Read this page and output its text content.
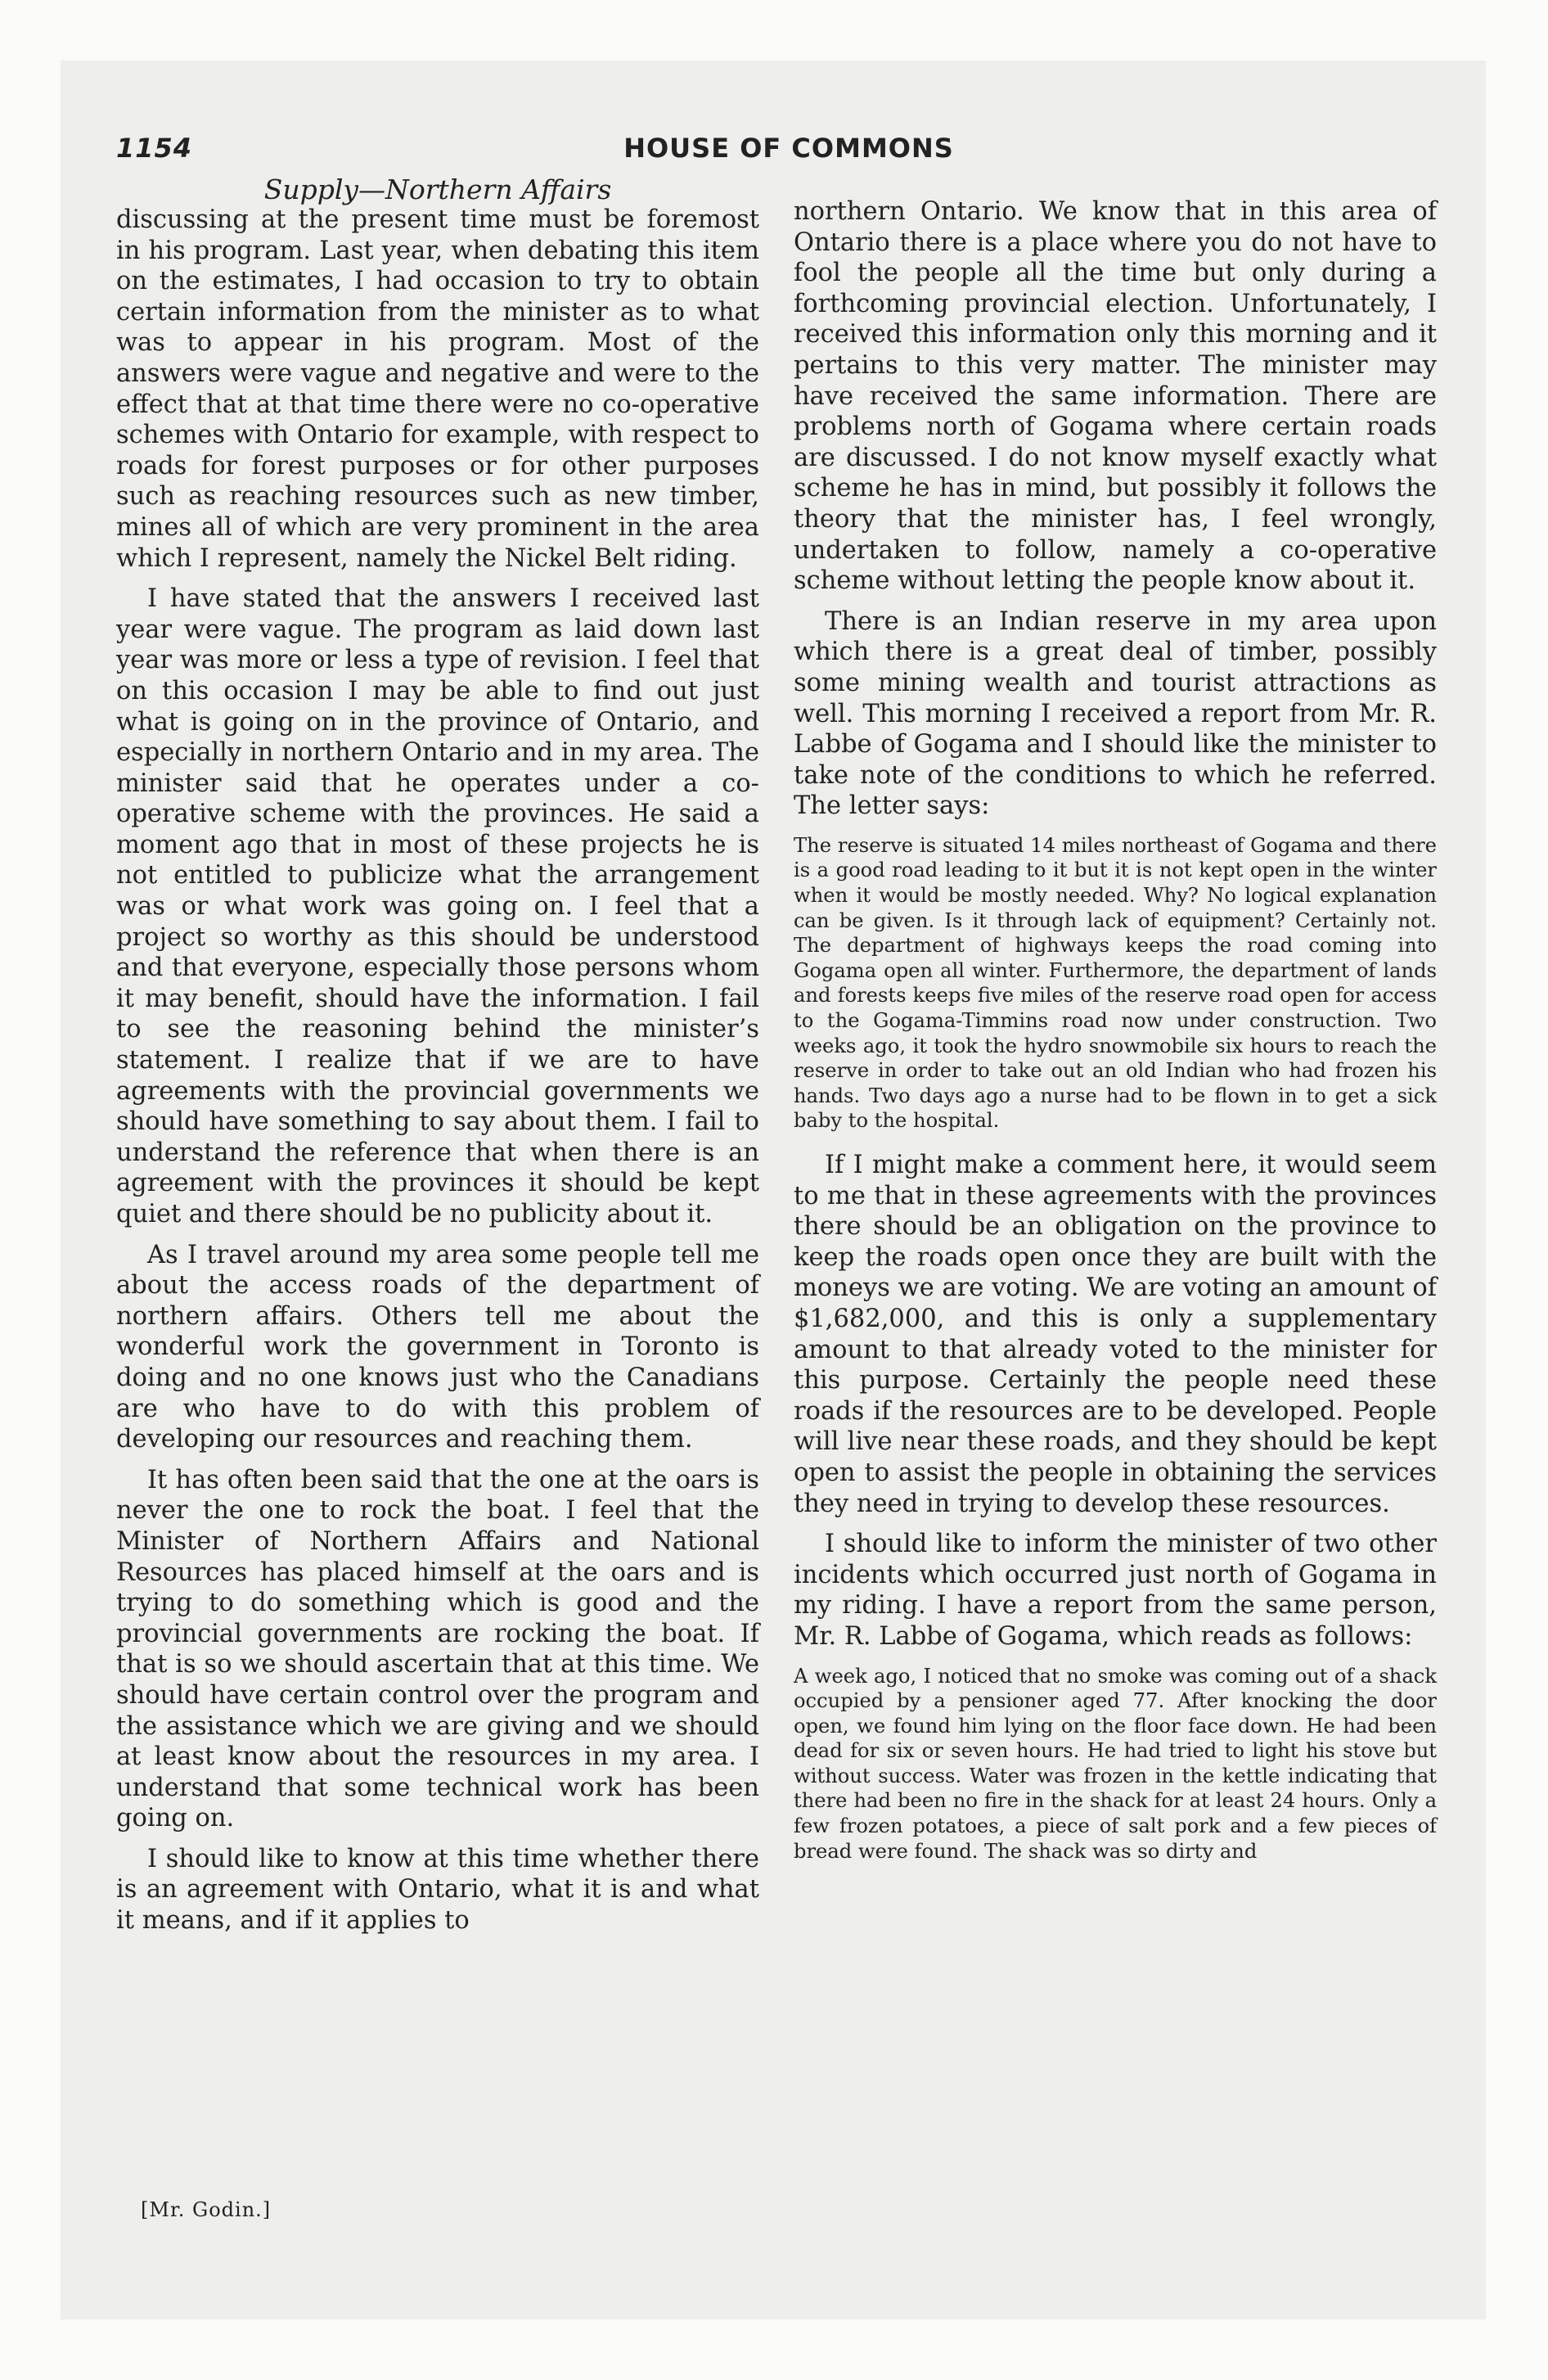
1154	HOUSE OF COMMONS
Supply—Northern Affairs

discussing at the present time must be foremost in his program. Last year, when debating this item on the estimates, I had occasion to try to obtain certain information from the minister as to what was to appear in his program. Most of the answers were vague and negative and were to the effect that at that time there were no co-operative schemes with Ontario for example, with respect to roads for forest purposes or for other purposes such as reaching resources such as new timber, mines all of which are very prominent in the area which I represent, namely the Nickel Belt riding.

I have stated that the answers I received last year were vague. The program as laid down last year was more or less a type of revision. I feel that on this occasion I may be able to find out just what is going on in the province of Ontario, and especially in northern Ontario and in my area. The minister said that he operates under a co-operative scheme with the provinces. He said a moment ago that in most of these projects he is not entitled to publicize what the arrangement was or what work was going on. I feel that a project so worthy as this should be understood and that everyone, especially those persons whom it may benefit, should have the information. I fail to see the reasoning behind the minister’s statement. I realize that if we are to have agreements with the provincial governments we should have something to say about them. I fail to understand the reference that when there is an agreement with the provinces it should be kept quiet and there should be no publicity about it.

As I travel around my area some people tell me about the access roads of the department of northern affairs. Others tell me about the wonderful work the government in Toronto is doing and no one knows just who the Canadians are who have to do with this problem of developing our resources and reaching them.

It has often been said that the one at the oars is never the one to rock the boat. I feel that the Minister of Northern Affairs and National Resources has placed himself at the oars and is trying to do something which is good and the provincial governments are rocking the boat. If that is so we should ascertain that at this time. We should have certain control over the program and the assistance which we are giving and we should at least know about the resources in my area. I understand that some technical work has been going on.

I should like to know at this time whether there is an agreement with Ontario, what it is and what it means, and if it applies to

northern Ontario. We know that in this area of Ontario there is a place where you do not have to fool the people all the time but only during a forthcoming provincial election. Unfortunately, I received this information only this morning and it pertains to this very matter. The minister may have received the same information. There are problems north of Gogama where certain roads are discussed. I do not know myself exactly what scheme he has in mind, but possibly it follows the theory that the minister has, I feel wrongly, undertaken to follow, namely a co-operative scheme without letting the people know about it.

There is an Indian reserve in my area upon which there is a great deal of timber, possibly some mining wealth and tourist attractions as well. This morning I received a report from Mr. R. Labbe of Gogama and I should like the minister to take note of the conditions to which he referred. The letter says:

The reserve is situated 14 miles northeast of Gogama and there is a good road leading to it but it is not kept open in the winter when it would be mostly needed. Why? No logical explanation can be given. Is it through lack of equipment? Certainly not. The department of highways keeps the road coming into Gogama open all winter. Furthermore, the department of lands and forests keeps five miles of the reserve road open for access to the Gogama-Timmins road now under construction. Two weeks ago, it took the hydro snowmobile six hours to reach the reserve in order to take out an old Indian who had frozen his hands. Two days ago a nurse had to be flown in to get a sick baby to the hospital.

If I might make a comment here, it would seem to me that in these agreements with the provinces there should be an obligation on the province to keep the roads open once they are built with the moneys we are voting. We are voting an amount of $1,682,000, and this is only a supplementary amount to that already voted to the minister for this purpose. Certainly the people need these roads if the resources are to be developed. People will live near these roads, and they should be kept open to assist the people in obtaining the services they need in trying to develop these resources.

I should like to inform the minister of two other incidents which occurred just north of Gogama in my riding. I have a report from the same person, Mr. R. Labbe of Gogama, which reads as follows:

A week ago, I noticed that no smoke was coming out of a shack occupied by a pensioner aged 77. After knocking the door open, we found him lying on the floor face down. He had been dead for six or seven hours. He had tried to light his stove but without success. Water was frozen in the kettle indicating that there had been no fire in the shack for at least 24 hours. Only a few frozen potatoes, a piece of salt pork and a few pieces of bread were found. The shack was so dirty and

[Mr. Godin.]
